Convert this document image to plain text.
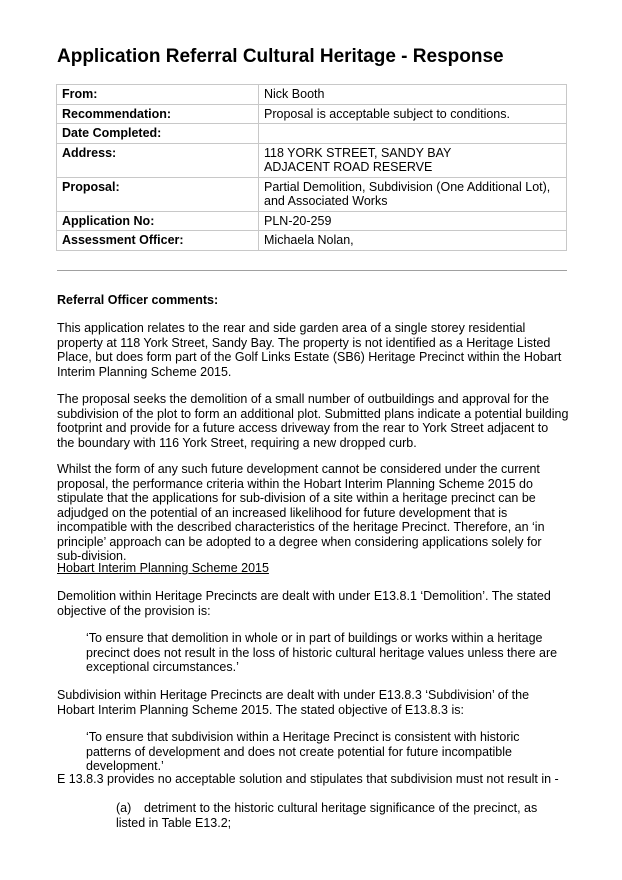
Application Referral Cultural Heritage - Response
From:	Nick Booth
Recommendation:	Proposal is acceptable subject to conditions.
Date Completed:	
Address:	118 YORK STREET, SANDY BAY
ADJACENT ROAD RESERVE

Proposal:	Partial Demolition, Subdivision (One Additional Lot),
and Associated Works

Application No:	PLN-20-259
Assessment Officer:	Michaela Nolan,
Referral Officer comments:
This application relates to the rear and side garden area of a single storey residential property at 118 York Street, Sandy Bay. The property is not identified as a Heritage Listed Place, but does form part of the Golf Links Estate (SB6) Heritage Precinct within the Hobart Interim Planning Scheme 2015.
The proposal seeks the demolition of a small number of outbuildings and approval for the subdivision of the plot to form an additional plot. Submitted plans indicate a potential building footprint and provide for a future access driveway from the rear to York Street adjacent to the boundary with 116 York Street, requiring a new dropped curb.
Whilst the form of any such future development cannot be considered under the current proposal, the performance criteria within the Hobart Interim Planning Scheme 2015 do stipulate that the applications for sub-division of a site within a heritage precinct can be adjudged on the potential of an increased likelihood for future development that is incompatible with the described characteristics of the heritage Precinct. Therefore, an ‘in principle’ approach can be adopted to a degree when considering applications solely for sub-division.
Hobart Interim Planning Scheme 2015
Demolition within Heritage Precincts are dealt with under E13.8.1 ‘Demolition’. The stated objective of the provision is:
‘To ensure that demolition in whole or in part of buildings or works within a heritage precinct does not result in the loss of historic cultural heritage values unless there are exceptional circumstances.’
Subdivision within Heritage Precincts are dealt with under E13.8.3 ‘Subdivision’ of the Hobart Interim Planning Scheme 2015. The stated objective of E13.8.3 is:
‘To ensure that subdivision within a Heritage Precinct is consistent with historic patterns of development and does not create potential for future incompatible development.’
E 13.8.3 provides no acceptable solution and stipulates that subdivision must not result in -
(a) detriment to the historic cultural heritage significance of the precinct, as listed in Table E13.2;
